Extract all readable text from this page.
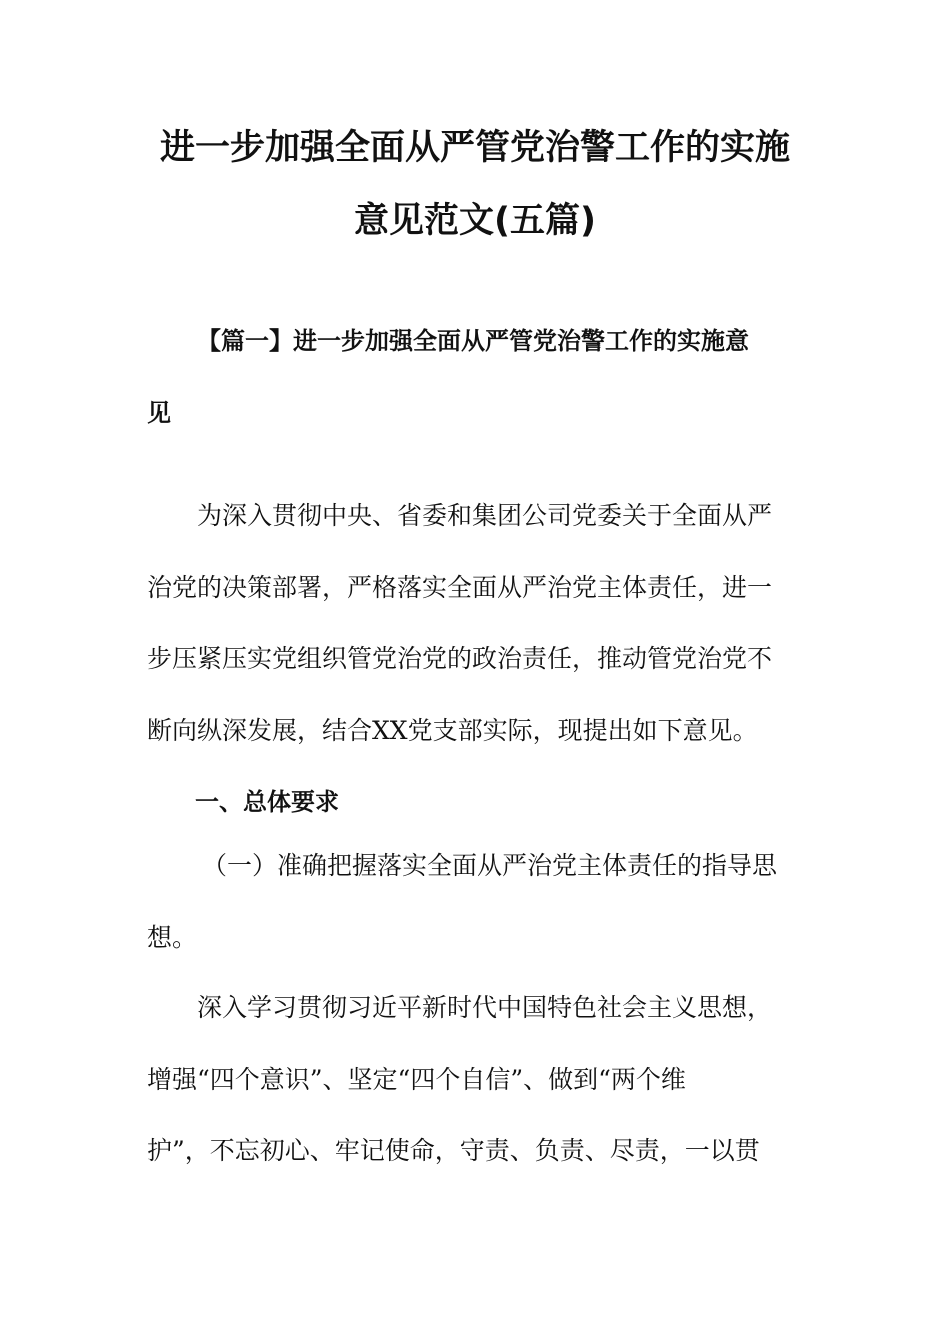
进一步加强全面从严管党治警工作的实施
意见范文(五篇)
【篇一】进一步加强全面从严管党治警工作的实施意
见
为深入贯彻中央、省委和集团公司党委关于全面从严
治党的决策部署，严格落实全面从严治党主体责任，进一
步压紧压实党组织管党治党的政治责任，推动管党治党不
断向纵深发展，结合XX党支部实际，现提出如下意见。
一、总体要求
（一）准确把握落实全面从严治党主体责任的指导思
想。
深入学习贯彻习近平新时代中国特色社会主义思想，
增强“四个意识”、坚定“四个自信”、做到“两个维
护”，不忘初心、牢记使命，守责、负责、尽责，一以贯
